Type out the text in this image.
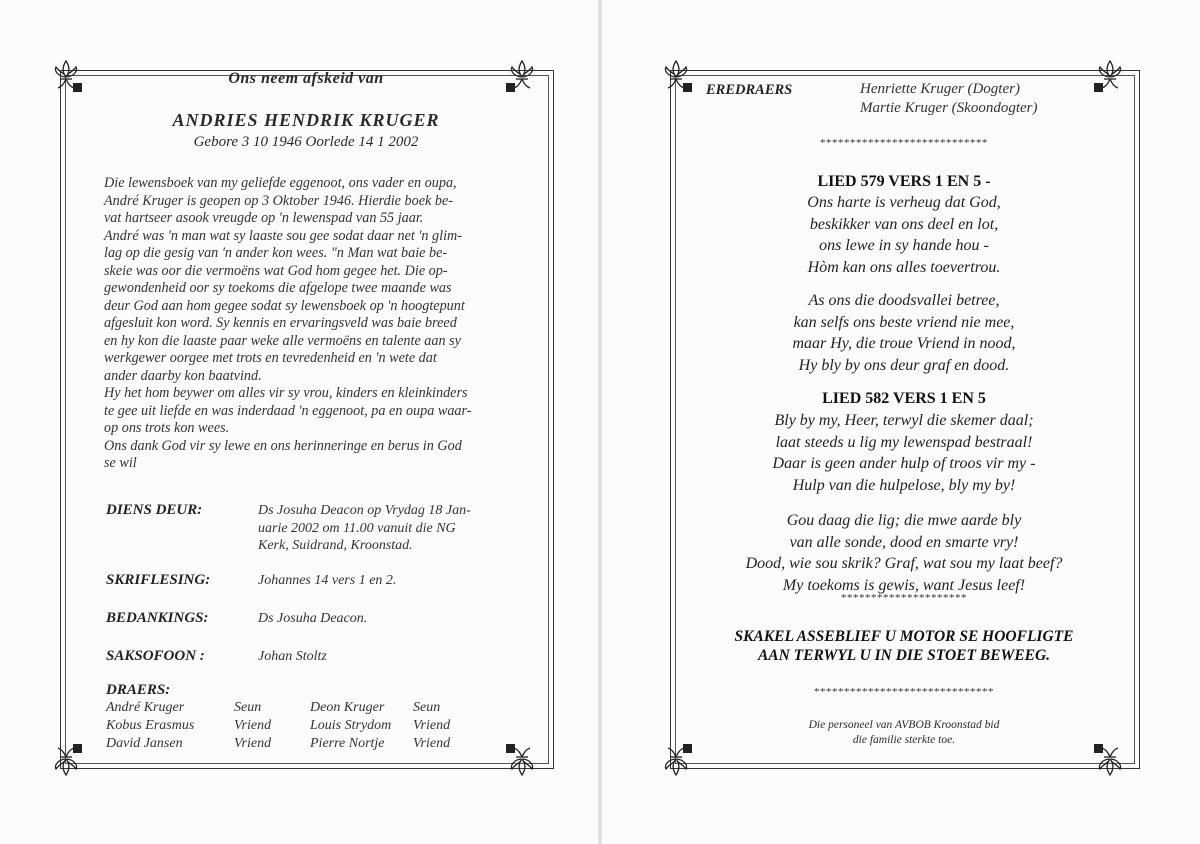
Ons neem afskeid van
ANDRIES HENDRIK KRUGER
Gebore 3 10 1946 Oorlede 14 1 2002
Die lewensboek van my geliefde eggenoot, ons vader en oupa,
André Kruger is geopen op 3 Oktober 1946. Hierdie boek be-
vat hartseer asook vreugde op 'n lewenspad van 55 jaar.
André was 'n man wat sy laaste sou gee sodat daar net 'n glim-
lag op die gesig van 'n ander kon wees. "n Man wat baie be-
skeie was oor die vermoëns wat God hom gegee het. Die op-
gewondenheid oor sy toekoms die afgelope twee maande was
deur God aan hom gegee sodat sy lewensboek op 'n hoogtepunt
afgesluit kon word. Sy kennis en ervaringsveld was baie breed
en hy kon die laaste paar weke alle vermoëns en talente aan sy
werkgewer oorgee met trots en tevredenheid en 'n wete dat
ander daarby kon baatvind.
Hy het hom beywer om alles vir sy vrou, kinders en kleinkinders
te gee uit liefde en was inderdaad 'n eggenoot, pa en oupa waar-
op ons trots kon wees.
Ons dank God vir sy lewe en ons herinneringe en berus in God
se wil
DIENS DEUR:	Ds Josuha Deacon op Vrydag 18 Jan-
uarie 2002 om 11.00 vanuit die NG
Kerk, Suidrand, Kroonstad.
SKRIFLESING:	Johannes 14 vers 1 en 2.
BEDANKINGS:	Ds Josuha Deacon.
SAKSOFOON :	Johan Stoltz
DRAERS:
André Kruger	Seun	Deon Kruger	Seun
Kobus Erasmus	Vriend	Louis Strydom	Vriend
David Jansen	Vriend	Pierre Nortje	Vriend
EREDRAERS	Henriette Kruger (Dogter)
Martie Kruger (Skoondogter)
****************************
LIED 579 VERS 1 EN 5 -
Ons harte is verheug dat God,
beskikker van ons deel en lot,
ons lewe in sy hande hou -
Hòm kan ons alles toevertrou.
As ons die doodsvallei betree,
kan selfs ons beste vriend nie mee,
maar Hy, die troue Vriend in nood,
Hy bly by ons deur graf en dood.
LIED 582 VERS 1 EN 5
Bly by my, Heer, terwyl die skemer daal;
laat steeds u lig my lewenspad bestraal!
Daar is geen ander hulp of troos vir my -
Hulp van die hulpelose, bly my by!
Gou daag die lig; die mwe aarde bly
van alle sonde, dood en smarte vry!
Dood, wie sou skrik? Graf, wat sou my laat beef?
My toekoms is gewis, want Jesus leef!
*********************
SKAKEL ASSEBLIEF U MOTOR SE HOOFLIGTE
AAN TERWYL U IN DIE STOET BEWEEG.
******************************
Die personeel van AVBOB Kroonstad bid
die familie sterkte toe.
